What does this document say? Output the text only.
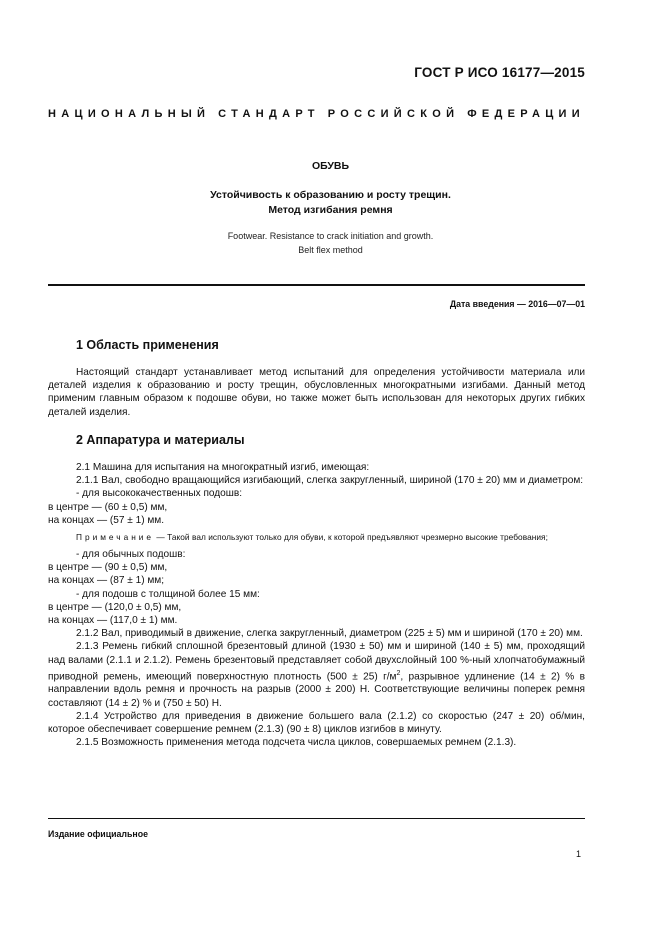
ГОСТ Р ИСО 16177—2015
НАЦИОНАЛЬНЫЙ СТАНДАРТ РОССИЙСКОЙ ФЕДЕРАЦИИ
ОБУВЬ
Устойчивость к образованию и росту трещин.
Метод изгибания ремня
Footwear. Resistance to crack initiation and growth.
Belt flex method
Дата введения — 2016—07—01
1 Область применения

Настоящий стандарт устанавливает метод испытаний для определения устойчивости материала или деталей изделия к образованию и росту трещин, обусловленных многократными изгибами. Данный метод применим главным образом к подошве обуви, но также может быть использован для некоторых других гибких деталей изделия.

2 Аппаратура и материалы

2.1 Машина для испытания на многократный изгиб, имеющая:

2.1.1 Вал, свободно вращающийся изгибающий, слегка закругленный, шириной (170 ± 20) мм и диаметром:

- для высококачественных подошв:

в центре — (60 ± 0,5) мм,

на концах — (57 ± 1) мм.

Примечание — Такой вал используют только для обуви, к которой предъявляют чрезмерно высокие требования;

- для обычных подошв:

в центре — (90 ± 0,5) мм,

на концах — (87 ± 1) мм;

- для подошв с толщиной более 15 мм:

в центре — (120,0 ± 0,5) мм,

на концах — (117,0 ± 1) мм.

2.1.2 Вал, приводимый в движение, слегка закругленный, диаметром (225 ± 5) мм и шириной (170 ± 20) мм.

2.1.3 Ремень гибкий сплошной брезентовый длиной (1930 ± 50) мм и шириной (140 ± 5) мм, проходящий над валами (2.1.1 и 2.1.2). Ремень брезентовый представляет собой двухслойный 100 %-ный хлопчатобумажный приводной ремень, имеющий поверхностную плотность (500 ± 25) $г/м^2$, разрывное удлинение (14 ± 2) % в направлении вдоль ремня и прочность на разрыв (2000 ± 200) Н. Соответствующие величины поперек ремня составляют (14 ± 2) % и (750 ± 50) Н.

2.1.4 Устройство для приведения в движение большего вала (2.1.2) со скоростью (247 ± 20) об/мин, которое обеспечивает совершение ремнем (2.1.3) (90 ± 8) циклов изгибов в минуту.

2.1.5 Возможность применения метода подсчета числа циклов, совершаемых ремнем (2.1.3).

Издание официальное
1
